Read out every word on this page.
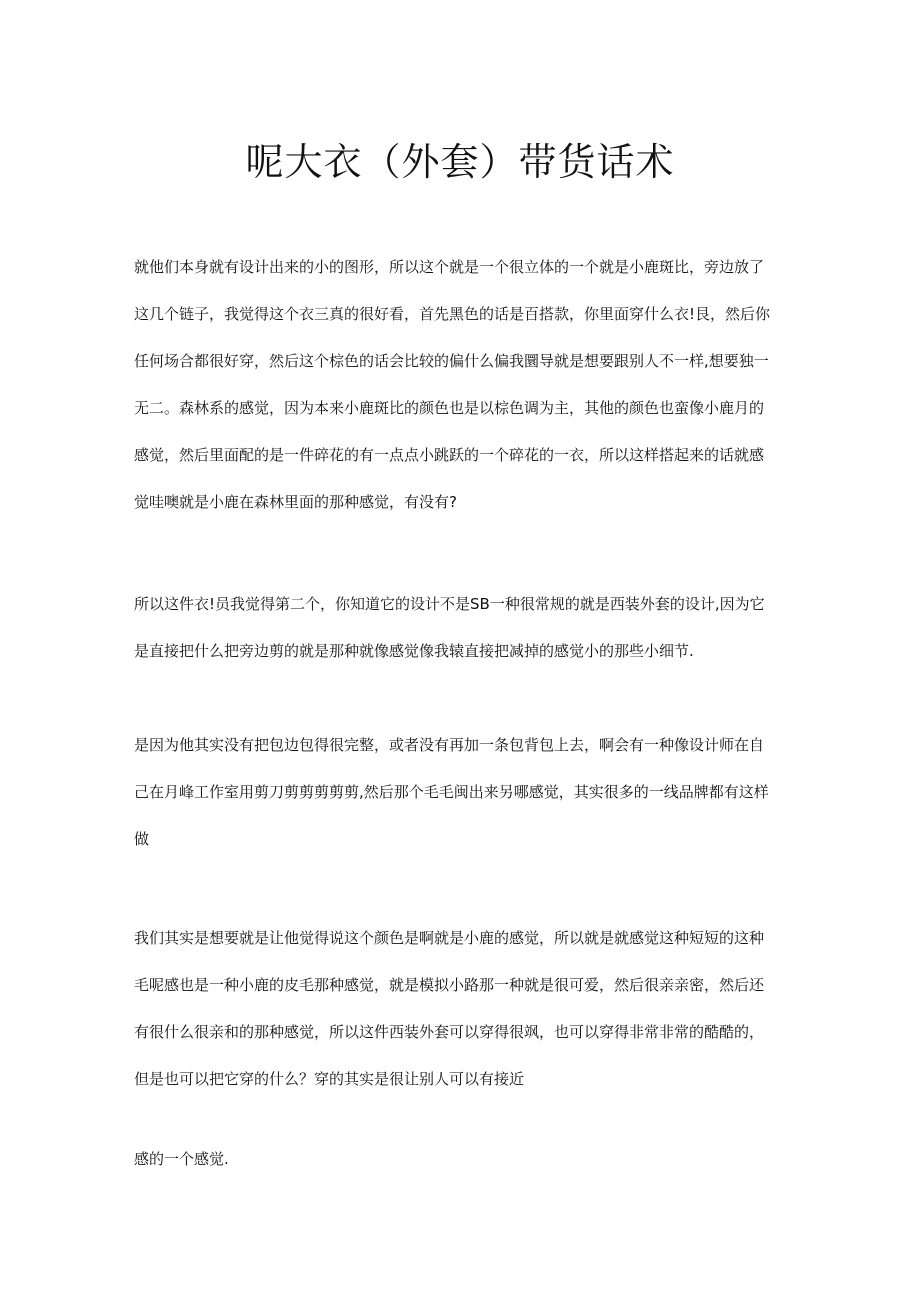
呢大衣（外套）带货话术

就他们本身就有设计出来的小的图形，所以这个就是一个很立体的一个就是小鹿斑比，旁边放了
这几个链子，我觉得这个衣三真的很好看，首先黑色的话是百搭款，你里面穿什么衣!艮，然后你
任何场合都很好穿，然后这个棕色的话会比较的偏什么偏我圜导就是想要跟别人不一样,想要独一
无二。森林系的感觉，因为本来小鹿斑比的颜色也是以棕色调为主，其他的颜色也蛮像小鹿月的
感觉，然后里面配的是一件碎花的有一点点小跳跃的一个碎花的一衣，所以这样搭起来的话就感
觉哇噢就是小鹿在森林里面的那种感觉，有没有?

所以这件衣!员我觉得第二个，你知道它的设计不是SB一种很常规的就是西装外套的设计,因为它
是直接把什么把旁边剪的就是那种就像感觉像我辕直接把减掉的感觉小的那些小细节.

是因为他其实没有把包边包得很完整，或者没有再加一条包背包上去，啊会有一种像设计师在自
己在月峰工作室用剪刀剪剪剪剪剪,然后那个毛毛闽出来另哪感觉，其实很多的一线品牌都有这样
做

我们其实是想要就是让他觉得说这个颜色是啊就是小鹿的感觉，所以就是就感觉这种短短的这种
毛呢感也是一种小鹿的皮毛那种感觉，就是模拟小路那一种就是很可爱，然后很亲亲密，然后还
有很什么很亲和的那种感觉，所以这件西装外套可以穿得很飒，也可以穿得非常非常的酷酷的，
但是也可以把它穿的什么？穿的其实是很让别人可以有接近

感的一个感觉.
